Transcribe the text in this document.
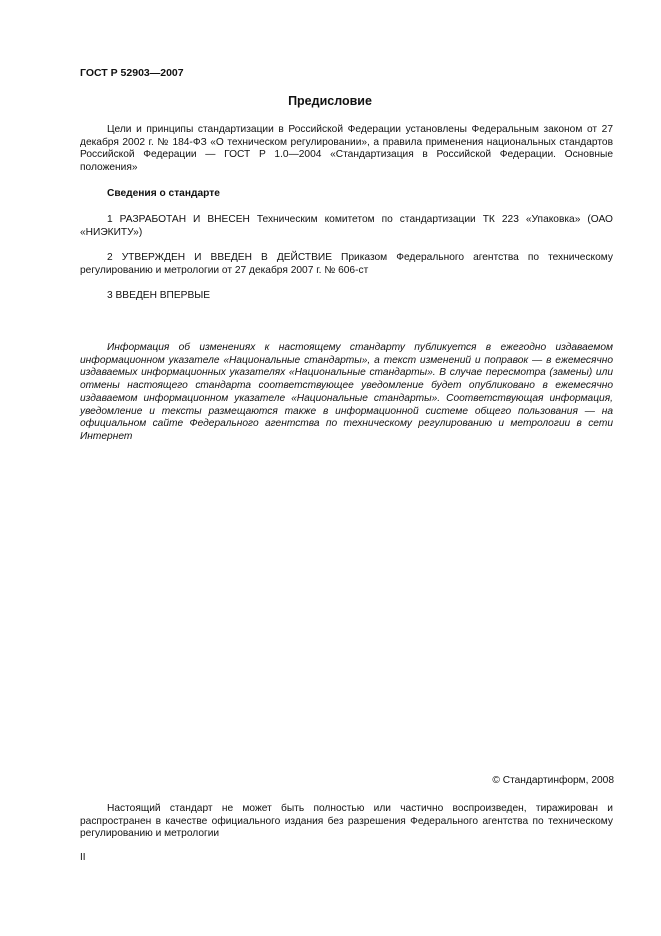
ГОСТ Р 52903—2007
Предисловие

Цели и принципы стандартизации в Российской Федерации установлены Федеральным законом от 27 декабря 2002 г. № 184-ФЗ «О техническом регулировании», а правила применения национальных стандартов Российской Федерации — ГОСТ Р 1.0—2004 «Стандартизация в Российской Федерации. Основные положения»

Сведения о стандарте

1 РАЗРАБОТАН И ВНЕСЕН Техническим комитетом по стандартизации ТК 223 «Упаковка» (ОАО «НИЭКИТУ»)

2 УТВЕРЖДЕН И ВВЕДЕН В ДЕЙСТВИЕ Приказом Федерального агентства по техническому регулированию и метрологии от 27 декабря 2007 г. № 606-ст

3 ВВЕДЕН ВПЕРВЫЕ

Информация об изменениях к настоящему стандарту публикуется в ежегодно издаваемом информационном указателе «Национальные стандарты», а текст изменений и поправок — в ежемесячно издаваемых информационных указателях «Национальные стандарты». В случае пересмотра (замены) или отмены настоящего стандарта соответствующее уведомление будет опубликовано в ежемесячно издаваемом информационном указателе «Национальные стандарты». Соответствующая информация, уведомление и тексты размещаются также в информационной системе общего пользования — на официальном сайте Федерального агентства по техническому регулированию и метрологии в сети Интернет

© Стандартинформ, 2008

Настоящий стандарт не может быть полностью или частично воспроизведен, тиражирован и распространен в качестве официального издания без разрешения Федерального агентства по техническому регулированию и метрологии

II
